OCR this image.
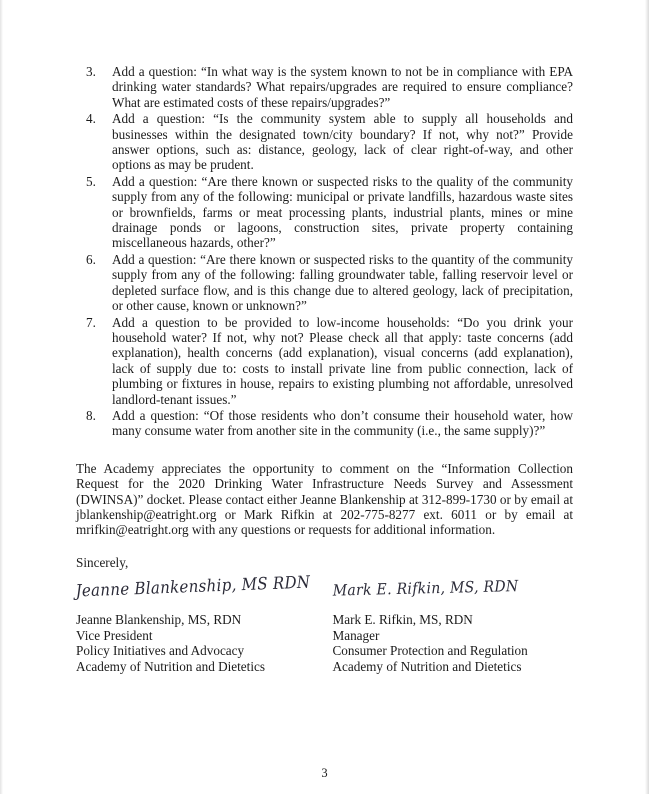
3.	Add a question: “In what way is the system known to not be in compliance with EPA drinking water standards? What repairs/upgrades are required to ensure compliance? What are estimated costs of these repairs/upgrades?”
4.	Add a question: “Is the community system able to supply all households and businesses within the designated town/city boundary? If not, why not?” Provide answer options, such as: distance, geology, lack of clear right-of-way, and other options as may be prudent.
5.	Add a question: “Are there known or suspected risks to the quality of the community supply from any of the following: municipal or private landfills, hazardous waste sites or brownfields, farms or meat processing plants, industrial plants, mines or mine drainage ponds or lagoons, construction sites, private property containing miscellaneous hazards, other?”
6.	Add a question: “Are there known or suspected risks to the quantity of the community supply from any of the following: falling groundwater table, falling reservoir level or depleted surface flow, and is this change due to altered geology, lack of precipitation, or other cause, known or unknown?”
7.	Add a question to be provided to low-income households: “Do you drink your household water? If not, why not? Please check all that apply: taste concerns (add explanation), health concerns (add explanation), visual concerns (add explanation), lack of supply due to: costs to install private line from public connection, lack of plumbing or fixtures in house, repairs to existing plumbing not affordable, unresolved landlord-tenant issues.”
8.	Add a question: “Of those residents who don’t consume their household water, how many consume water from another site in the community (i.e., the same supply)?”

The Academy appreciates the opportunity to comment on the “Information Collection Request for the 2020 Drinking Water Infrastructure Needs Survey and Assessment (DWINSA)” docket. Please contact either Jeanne Blankenship at 312-899-1730 or by email at jblankenship@eatright.org or Mark Rifkin at 202-775-8277 ext. 6011 or by email at mrifkin@eatright.org with any questions or requests for additional information.

Sincerely,

Jeanne Blankenship, MS RDN
Jeanne Blankenship, MS, RDN
Vice President
Policy Initiatives and Advocacy
Academy of Nutrition and Dietetics
Mark E. Rifkin, MS, RDN
Mark E. Rifkin, MS, RDN
Manager
Consumer Protection and Regulation
Academy of Nutrition and Dietetics
3
